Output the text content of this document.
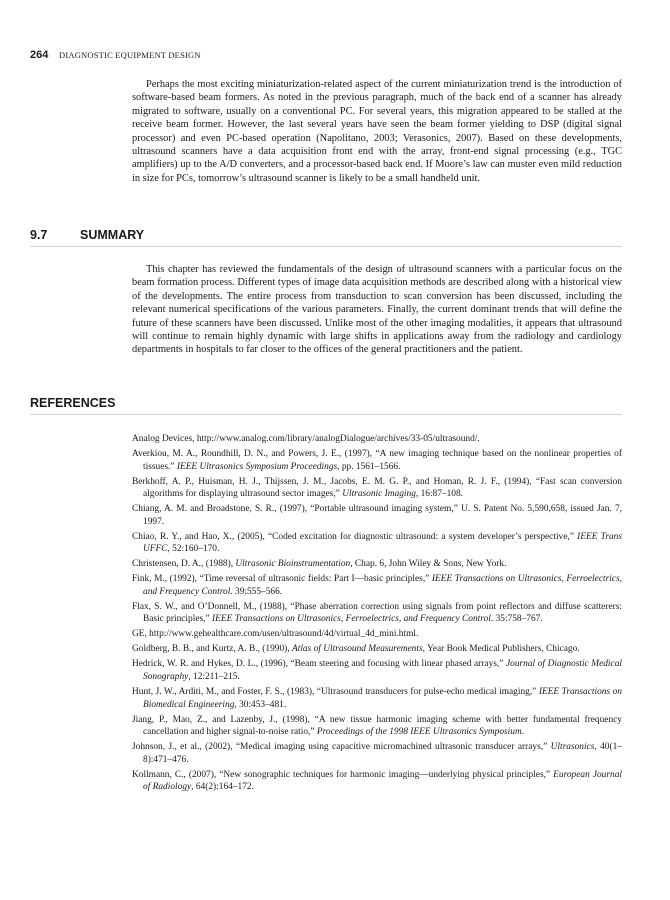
264 DIAGNOSTIC EQUIPMENT DESIGN

Perhaps the most exciting miniaturization-related aspect of the current miniaturization trend is the introduction of software-based beam formers. As noted in the previous paragraph, much of the back end of a scanner has already migrated to software, usually on a conventional PC. For several years, this migration appeared to be stalled at the receive beam former. However, the last several years have seen the beam former yielding to DSP (digital signal processor) and even PC-based operation (Napolitano, 2003; Verasonics, 2007). Based on these developments, ultrasound scanners have a data acquisition front end with the array, front-end signal processing (e.g., TGC amplifiers) up to the A/D converters, and a processor-based back end. If Moore’s law can muster even mild reduction in size for PCs, tomorrow’s ultrasound scanner is likely to be a small handheld unit.

9.7	SUMMARY

This chapter has reviewed the fundamentals of the design of ultrasound scanners with a particular focus on the beam formation process. Different types of image data acquisition methods are described along with a historical view of the developments. The entire process from transduction to scan conversion has been discussed, including the relevant numerical specifications of the various parameters. Finally, the current dominant trends that will define the future of these scanners have been discussed. Unlike most of the other imaging modalities, it appears that ultrasound will continue to remain highly dynamic with large shifts in applications away from the radiology and cardiology departments in hospitals to far closer to the offices of the general practitioners and the patient.

REFERENCES
Analog Devices, http://www.analog.com/library/analogDialogue/archives/33-05/ultrasound/.
Averkiou, M. A., Roundhill, D. N., and Powers, J. E., (1997), “A new imaging technique based on the nonlinear properties of tissues.” IEEE Ultrasonics Symposium Proceedings, pp. 1561–1566.
Berkhoff, A. P., Huisman, H. J., Thijssen, J. M., Jacobs, E. M. G. P., and Homan, R. J. F., (1994), “Fast scan conversion algorithms for displaying ultrasound sector images,” Ultrasonic Imaging, 16:87–108.
Chiang, A. M. and Broadstone, S. R., (1997), “Portable ultrasound imaging system,” U. S. Patent No. 5,590,658, issued Jan. 7, 1997.
Chiao, R. Y., and Hao, X., (2005), “Coded excitation for diagnostic ultrasound: a system developer’s perspective,” IEEE Trans UFFC, 52:160–170.
Christensen, D. A., (1988), Ultrasonic Bioinstrumentation, Chap. 6, John Wiley & Sons, New York.
Fink, M., (1992), “Time reversal of ultrasonic fields: Part I—basic principles,” IEEE Transactions on Ultrasonics, Ferroelectrics, and Frequency Control. 39:555–566.
Flax, S. W., and O’Donnell, M., (1988), “Phase aberration correction using signals from point reflectors and diffuse scatterers: Basic principles,” IEEE Transactions on Ultrasonics, Ferroelectrics, and Frequency Control. 35:758–767.
GE, http://www.gehealthcare.com/usen/ultrasound/4d/virtual_4d_mini.html.
Goldberg, B. B., and Kurtz, A. B., (1990), Atlas of Ultrasound Measurements, Year Book Medical Publishers, Chicago.
Hedrick, W. R. and Hykes, D. L., (1996), “Beam steering and focusing with linear phased arrays,” Journal of Diagnostic Medical Sonography, 12:211–215.
Hunt, J. W., Arditi, M., and Foster, F. S., (1983), “Ultrasound transducers for pulse-echo medical imaging,” IEEE Transactions on Biomedical Engineering, 30:453–481.
Jiang, P., Mao, Z., and Lazenby, J., (1998), “A new tissue harmonic imaging scheme with better fundamental frequency cancellation and higher signal-to-noise ratio,” Proceedings of the 1998 IEEE Ultrasonics Symposium.
Johnson, J., et al., (2002), “Medical imaging using capacitive micromachined ultrasonic transducer arrays,” Ultrasonics, 40(1–8):471–476.
Kollmann, C., (2007), “New sonographic techniques for harmonic imaging—underlying physical principles,” European Journal of Radiology, 64(2):164–172.
